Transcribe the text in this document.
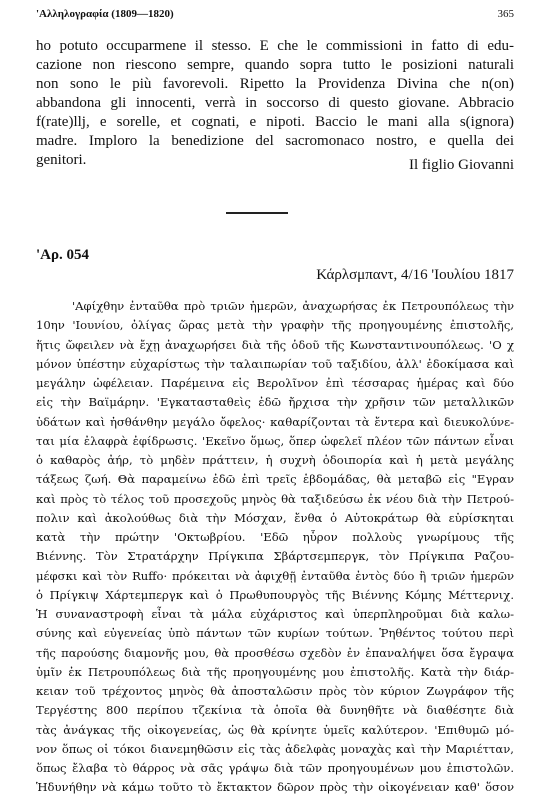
'Αλληλογραφία (1809—1820)	365
ho potuto occuparmene il stesso. E che le commissioni in fatto di edu-
cazione non riescono sempre, quando sopra tutto le posizioni naturali
non sono le più favorevoli. Ripetto la Providenza Divina che n(on)
abbandona gli innocenti, verrà in soccorso di questo giovane. Abbracio
f(rate)llj, e sorelle, et cognati, e nipoti. Baccio le mani alla s(ignora)
madre. Imploro la benedizione del sacromonaco nostro, e quella dei
genitori.	Il figlio Giovanni
'Αρ. 054
Κάρλσμπαντ, 4/16 'Ιουλίου 1817
'Αφίχθην ἐνταῦθα πρὸ τριῶν ἡμερῶν, ἀναχωρήσας ἐκ Πετρουπόλεως τὴν
10ην 'Ιουνίου, ὀλίγας ὥρας μετὰ τὴν γραφὴν τῆς προηγουμένης ἐπιστολῆς,
ἥτις ὤφειλεν νὰ ἔχῃ ἀναχωρήσει διὰ τῆς ὁδοῦ τῆς Κωνσταντινουπόλεως. 'Ο χ
μόνον ὑπέστην εὐχαρίστως τὴν ταλαιπωρίαν τοῦ ταξιδίου, ἀλλ' ἐδοκίμασα καὶ
μεγάλην ὠφέλειαν. Παρέμεινα εἰς Βερολῖνον ἐπὶ τέσσαρας ἡμέρας καὶ δύο
εἰς τὴν Βαϊμάρην. 'Εγκατασταθεὶς ἐδῶ ἤρχισα τὴν χρῆσιν τῶν μεταλλικῶν
ὑδάτων καὶ ἠσθάνθην μεγάλο ὄφελος· καθαρίζονται τὰ ἔντερα καὶ διευκολύνε-
ται μία ἐλαφρὰ ἐφίδρωσις. 'Εκεῖνο ὅμως, ὅπερ ὠφελεῖ πλέον τῶν πάντων εἶναι
ὁ καθαρὸς ἀήρ, τὸ μηδὲν πράττειν, ἡ συχνὴ ὁδοιπορία καὶ ἡ μετὰ μεγάλης
τάξεως ζωή. Θὰ παραμείνω ἐδῶ ἐπὶ τρεῖς ἑβδομάδας, θὰ μεταβῶ εἰς "Εγραν
καὶ πρὸς τὸ τέλος τοῦ προσεχοῦς μηνὸς θὰ ταξιδεύσω ἐκ νέου διὰ τὴν Πετρού-
πολιν καὶ ἀκολούθως διὰ τὴν Μόσχαν, ἔνθα ὁ Αὐτοκράτωρ θὰ εὑρίσκηται
κατὰ τὴν πρώτην 'Οκτωβρίου. 'Εδῶ ηὗρον πολλοὺς γνωρίμους τῆς
Βιέννης. Τὸν Στρατάρχην Πρίγκιπα Σβάρτσεμπεργκ, τὸν Πρίγκιπα Ραζου-
μέφσκι καὶ τὸν Ruffo· πρόκειται νὰ ἀφιχθῇ ἐνταῦθα ἐντὸς δύο ἢ τριῶν ἡμερῶν
ὁ Πρίγκιψ Χάρτεμπεργκ καὶ ὁ Πρωθυπουργὸς τῆς Βιέννης Κόμης Μέττερνιχ.
Ἡ συναναστροφὴ εἶναι τὰ μάλα εὐχάριστος καὶ ὑπερπληροῦμαι διὰ καλω-
σύνης καὶ εὐγενείας ὑπὸ πάντων τῶν κυρίων τούτων. Ῥηθέντος τούτου περὶ
τῆς παρούσης διαμονῆς μου, θὰ προσθέσω σχεδὸν ἐν ἐπαναλήψει ὅσα ἔγραψα
ὑμῖν ἐκ Πετρουπόλεως διὰ τῆς προηγουμένης μου ἐπιστολῆς. Κατὰ τὴν διάρ-
κειαν τοῦ τρέχοντος μηνὸς θὰ ἀποσταλῶσιν πρὸς τὸν κύριον Ζωγράφον τῆς
Τεργέστης 800 περίπου τζεκίνια τὰ ὁποῖα θὰ δυνηθῆτε νὰ διαθέσητε διὰ
τὰς ἀνάγκας τῆς οἰκογενείας, ὡς θὰ κρίνητε ὑμεῖς καλύτερον. 'Επιθυμῶ μό-
νον ὅπως οἱ τόκοι διανεμηθῶσιν εἰς τὰς ἀδελφὰς μοναχὰς καὶ τὴν Μαριέτταν,
ὅπως ἔλαβα τὸ θάρρος νὰ σᾶς γράψω διὰ τῶν προηγουμένων μου ἐπιστολῶν.
Ἡδυνήθην νὰ κάμω τοῦτο τὸ ἔκτακτον δῶρον πρὸς τὴν οἰκογένειαν καθ' ὅσον
